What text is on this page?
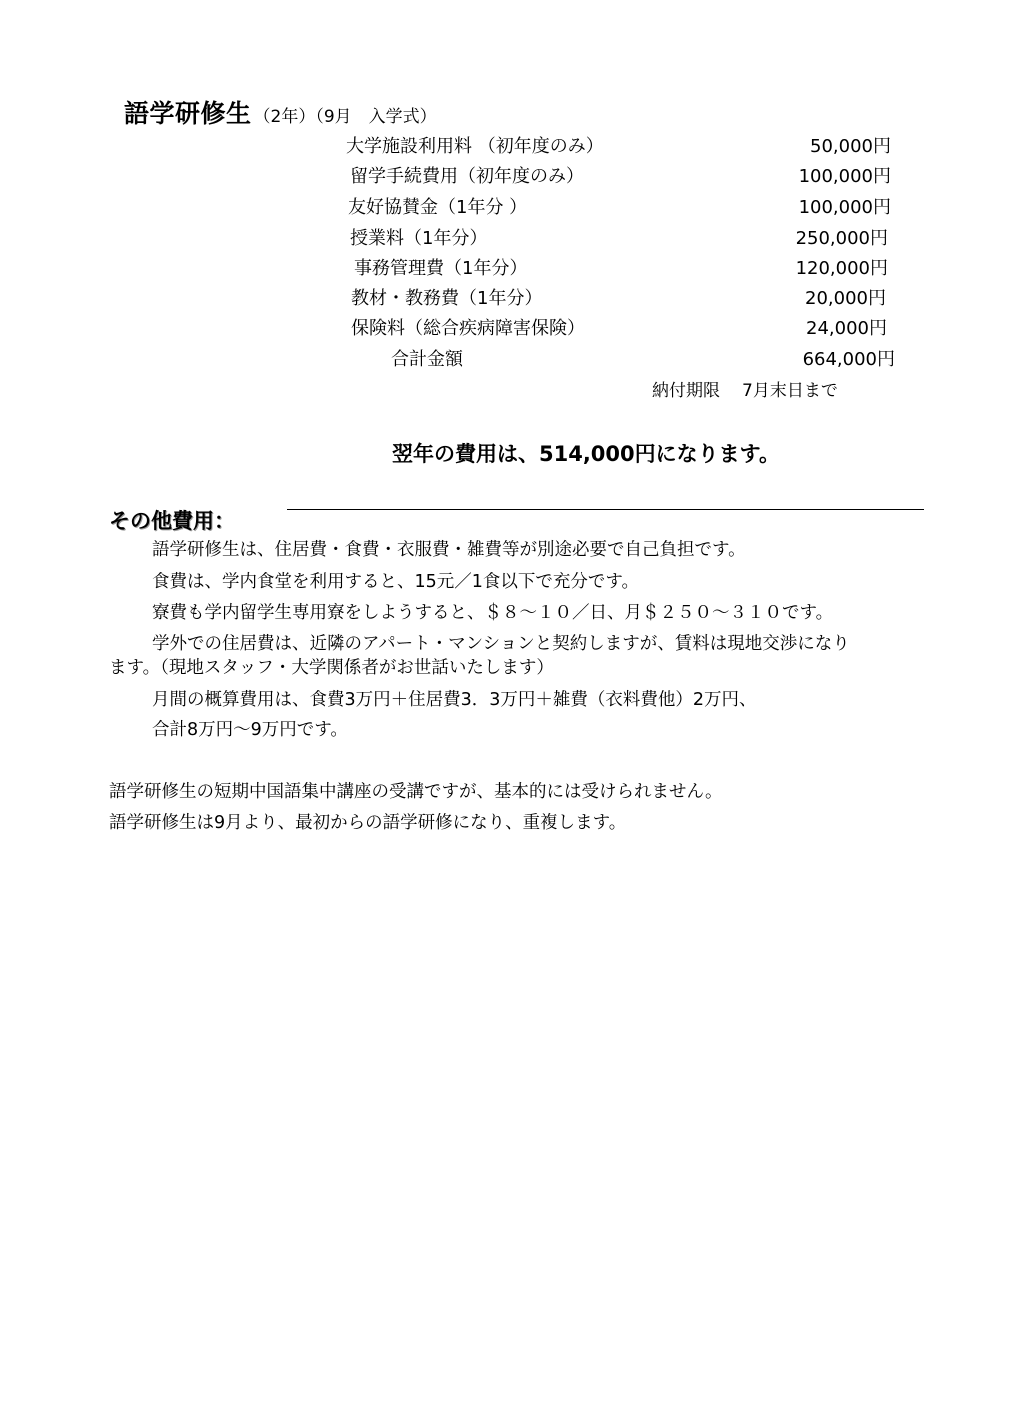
語学研修生 （2年）（9月　入学式）
大学施設利用料 （初年度のみ）	50,000円
留学手続費用（初年度のみ）	100,000円
友好協賛金（1年分 ）	100,000円
授業料（1年分）	250,000円
事務管理費（1年分）	120,000円
教材・教務費（1年分）	20,000円
保険料（総合疾病障害保険）	24,000円
合計金額	664,000円
納付期限 7月末日まで
翌年の費用は、514,000円になります。
その他費用：
語学研修生は、住居費・食費・衣服費・雑費等が別途必要で自己負担です。
食費は、学内食堂を利用すると、15元／1食以下で充分です。
寮費も学内留学生専用寮をしようすると、＄８～１０／日、月＄２５０～３１０です。
学外での住居費は、近隣のアパート・マンションと契約しますが、賃料は現地交渉になり
ます。（現地スタッフ・大学関係者がお世話いたします）
月間の概算費用は、食費3万円＋住居費3．3万円＋雑費（衣料費他）2万円、
合計8万円～9万円です。
語学研修生の短期中国語集中講座の受講ですが、基本的には受けられません。
語学研修生は9月より、最初からの語学研修になり、重複します。
